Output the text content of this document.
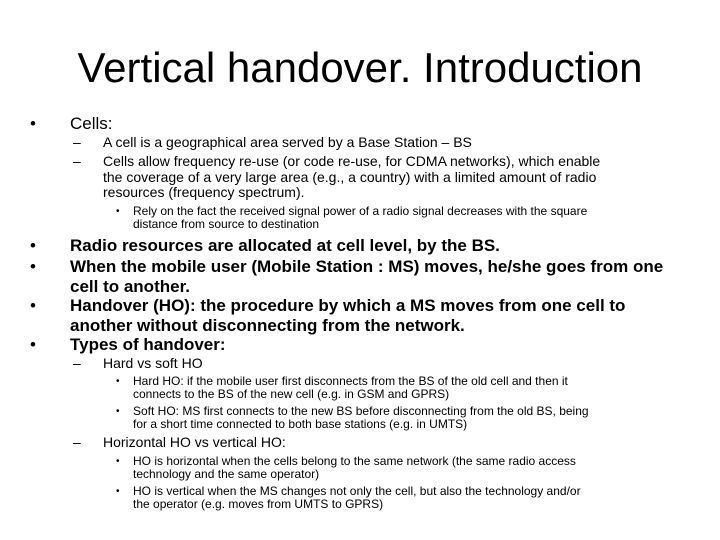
Vertical handover. Introduction
• Cells:
– A cell is a geographical area served by a Base Station – BS
– Cells allow frequency re-use (or code re-use, for CDMA networks), which enable
the coverage of a very large area (e.g., a country) with a limited amount of radio
resources (frequency spectrum).
• Rely on the fact the received signal power of a radio signal decreases with the square
distance from source to destination
• Radio resources are allocated at cell level, by the BS.
• When the mobile user (Mobile Station : MS) moves, he/she goes from one
cell to another.
• Handover (HO): the procedure by which a MS moves from one cell to
another without disconnecting from the network.
• Types of handover:
– Hard vs soft HO
• Hard HO: if the mobile user first disconnects from the BS of the old cell and then it
connects to the BS of the new cell (e.g. in GSM and GPRS)
• Soft HO: MS first connects to the new BS before disconnecting from the old BS, being
for a short time connected to both base stations (e.g. in UMTS)
– Horizontal HO vs vertical HO:
• HO is horizontal when the cells belong to the same network (the same radio access
technology and the same operator)
• HO is vertical when the MS changes not only the cell, but also the technology and/or
the operator (e.g. moves from UMTS to GPRS)
